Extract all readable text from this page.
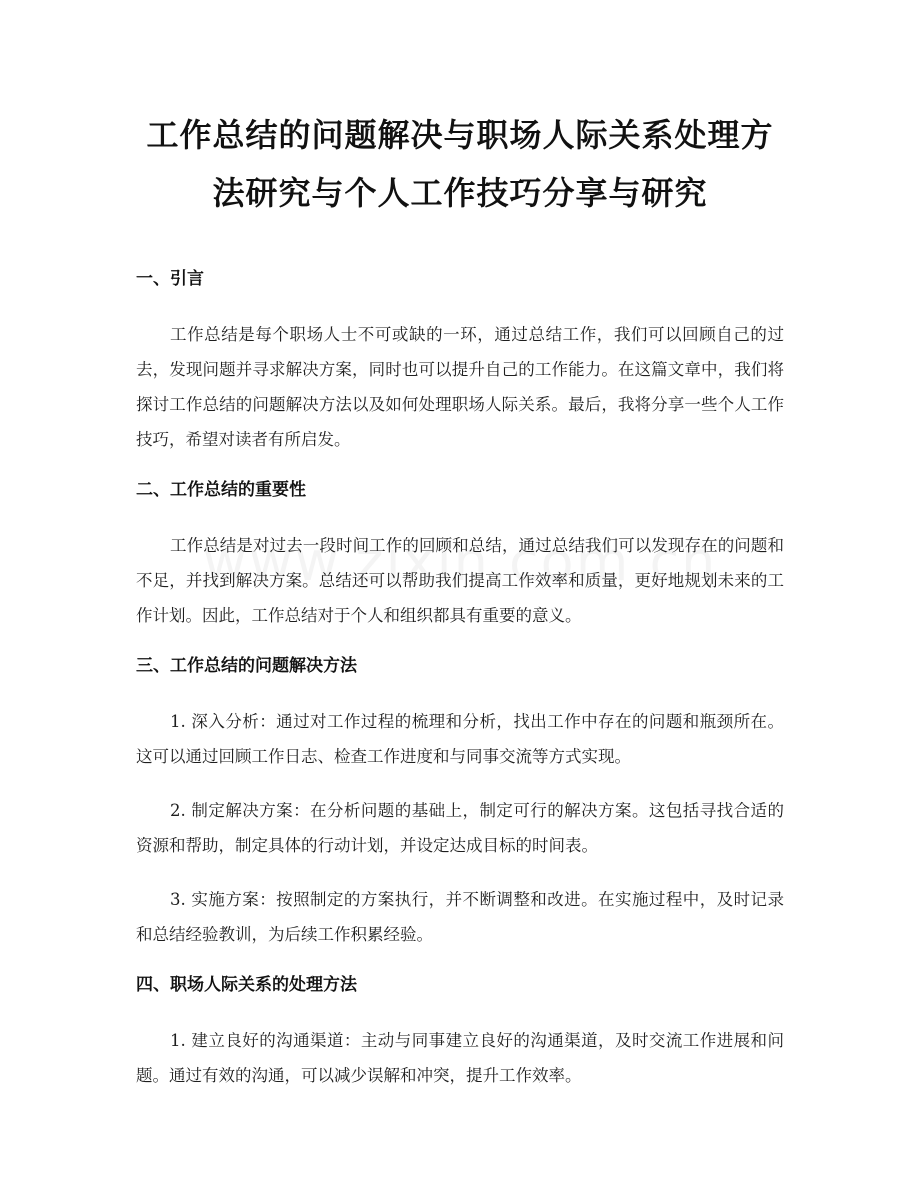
工作总结的问题解决与职场人际关系处理方法研究与个人工作技巧分享与研究
一、引言

工作总结是每个职场人士不可或缺的一环，通过总结工作，我们可以回顾自己的过去，发现问题并寻求解决方案，同时也可以提升自己的工作能力。在这篇文章中，我们将探讨工作总结的问题解决方法以及如何处理职场人际关系。最后，我将分享一些个人工作技巧，希望对读者有所启发。

二、工作总结的重要性

工作总结是对过去一段时间工作的回顾和总结，通过总结我们可以发现存在的问题和不足，并找到解决方案。总结还可以帮助我们提高工作效率和质量，更好地规划未来的工作计划。因此，工作总结对于个人和组织都具有重要的意义。

三、工作总结的问题解决方法

1. 深入分析：通过对工作过程的梳理和分析，找出工作中存在的问题和瓶颈所在。这可以通过回顾工作日志、检查工作进度和与同事交流等方式实现。

2. 制定解决方案：在分析问题的基础上，制定可行的解决方案。这包括寻找合适的资源和帮助，制定具体的行动计划，并设定达成目标的时间表。

3. 实施方案：按照制定的方案执行，并不断调整和改进。在实施过程中，及时记录和总结经验教训，为后续工作积累经验。

四、职场人际关系的处理方法

1. 建立良好的沟通渠道：主动与同事建立良好的沟通渠道，及时交流工作进展和问题。通过有效的沟通，可以减少误解和冲突，提升工作效率。
